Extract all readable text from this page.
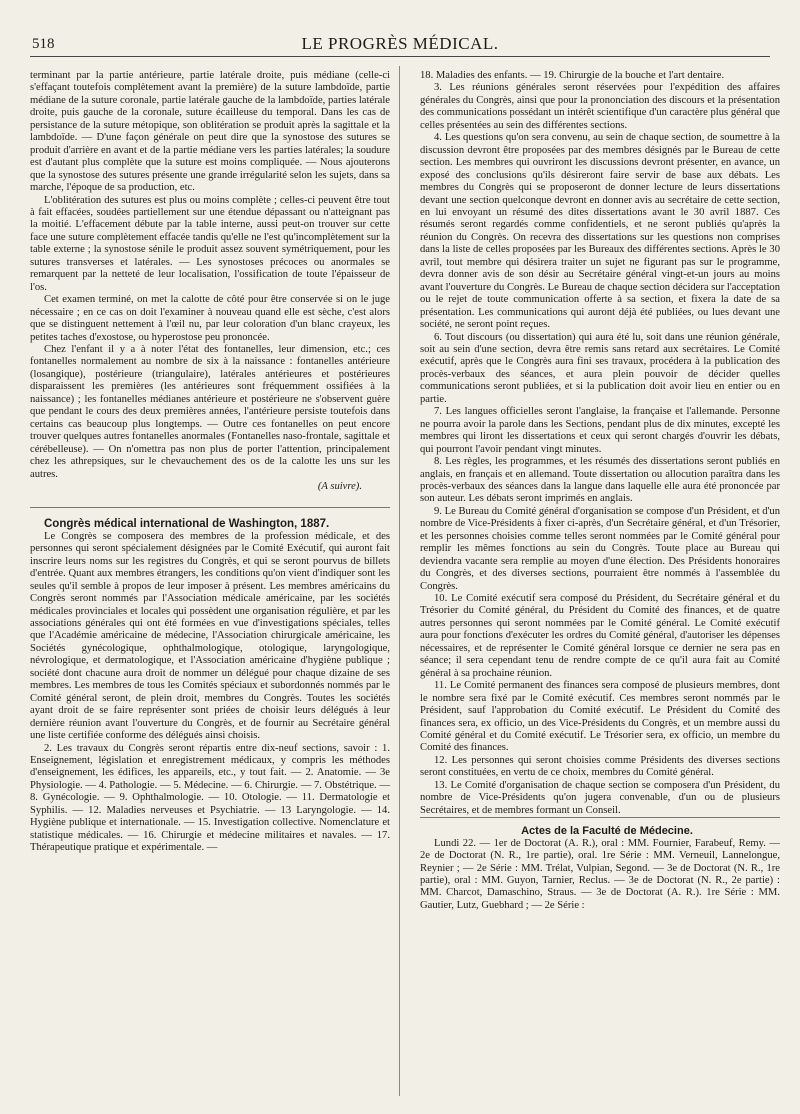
518	LE PROGRÈS MÉDICAL.

terminant par la partie antérieure, partie latérale droite, puis médiane (celle-ci s'effaçant toutefois complètement avant la première) de la suture lambdoïde, partie médiane de la suture coronale, partie latérale gauche de la lambdoïde, parties latérale droite, puis gauche de la coronale, suture écailleuse du temporal. Dans les cas de persistance de la suture métopique, son oblitération se produit après la sagittale et la lambdoïde. — D'une façon générale on peut dire que la synostose des sutures se produit d'arrière en avant et de la partie médiane vers les parties latérales; la soudure est d'autant plus complète que la suture est moins compliquée. — Nous ajouterons que la synostose des sutures présente une grande irrégularité selon les sujets, dans sa marche, l'époque de sa production, etc.

L'oblitération des sutures est plus ou moins complète ; celles-ci peuvent être tout à fait effacées, soudées partiellement sur une étendue dépassant ou n'atteignant pas la moitié. L'effacement débute par la table interne, aussi peut-on trouver sur cette face une suture complètement effacée tandis qu'elle ne l'est qu'incomplètement sur la table externe ; la synostose sénile le produit assez souvent symétriquement, pour les sutures transverses et latérales. — Les synostoses précoces ou anormales se remarquent par la netteté de leur localisation, l'ossification de toute l'épaisseur de l'os.

Cet examen terminé, on met la calotte de côté pour être conservée si on le juge nécessaire ; en ce cas on doit l'examiner à nouveau quand elle est sèche, c'est alors que se distinguent nettement à l'œil nu, par leur coloration d'un blanc crayeux, les petites taches d'exostose, ou hyperostose peu prononcée.

Chez l'enfant il y a à noter l'état des fontanelles, leur dimension, etc.; ces fontanelles normalement au nombre de six à la naissance : fontanelles antérieure (losangique), postérieure (triangulaire), latérales antérieures et postérieures disparaissent les premières (les antérieures sont fréquemment ossifiées à la naissance) ; les fontanelles médianes antérieure et postérieure ne s'observent guère que pendant le cours des deux premières années, l'antérieure persiste toutefois dans certains cas beaucoup plus longtemps. — Outre ces fontanelles on peut encore trouver quelques autres fontanelles anormales (Fontanelles naso-frontale, sagittale et cérébelleuse). — On n'omettra pas non plus de porter l'attention, principalement chez les athrepsiques, sur le chevauchement des os de la calotte les uns sur les autres.

(A suivre).

Congrès médical international de Washington, 1887.

Le Congrès se composera des membres de la profession médicale, et des personnes qui seront spécialement désignées par le Comité Exécutif, qui auront fait inscrire leurs noms sur les registres du Congrès, et qui se seront pourvus de billets d'entrée. Quant aux membres étrangers, les conditions qu'on vient d'indiquer sont les seules qu'il semble à propos de leur imposer à présent. Les membres américains du Congrès seront nommés par l'Association médicale américaine, par les sociétés médicales provinciales et locales qui possèdent une organisation régulière, et par les associations générales qui ont été formées en vue d'investigations spéciales, telles que l'Académie américaine de médecine, l'Association chirurgicale américaine, les Sociétés gynécologique, ophthalmologique, otologique, laryngologique, névrologique, et dermatologique, et l'Association américaine d'hygiène publique ; société dont chacune aura droit de nommer un délégué pour chaque dizaine de ses membres. Les membres de tous les Comités spéciaux et subordonnés nommés par le Comité général seront, de plein droit, membres du Congrès. Toutes les sociétés ayant droit de se faire représenter sont priées de choisir leurs délégués à leur dernière réunion avant l'ouverture du Congrès, et de fournir au Secrétaire général une liste certifiée conforme des délégués ainsi choisis.

2. Les travaux du Congrès seront répartis entre dix-neuf sections, savoir : 1. Enseignement, législation et enregistrement médicaux, y compris les méthodes d'enseignement, les édifices, les appareils, etc., y tout fait. — 2. Anatomie. — 3e Physiologie. — 4. Pathologie. — 5. Médecine. — 6. Chirurgie. — 7. Obstétrique. — 8. Gynécologie. — 9. Ophthalmologie. — 10. Otologie. — 11. Dermatologie et Syphilis. — 12. Maladies nerveuses et Psychiatrie. — 13 Laryngologie. — 14. Hygiène publique et internationale. — 15. Investigation collective. Nomenclature et statistique médicales. — 16. Chirurgie et médecine militaires et navales. — 17. Thérapeutique pratique et expérimentale. —

18. Maladies des enfants. — 19. Chirurgie de la bouche et l'art dentaire.

3. Les réunions générales seront réservées pour l'expédition des affaires générales du Congrès, ainsi que pour la prononciation des discours et la présentation des communications possédant un intérêt scientifique d'un caractère plus général que celles présentées au sein des différentes sections.

4. Les questions qu'on sera convenu, au sein de chaque section, de soumettre à la discussion devront être proposées par des membres désignés par le Bureau de cette section. Les membres qui ouvriront les discussions devront présenter, en avance, un exposé des conclusions qu'ils désireront faire servir de base aux débats. Les membres du Congrès qui se proposeront de donner lecture de leurs dissertations devant une section quelconque devront en donner avis au secrétaire de cette section, en lui envoyant un résumé des dites dissertations avant le 30 avril 1887. Ces résumés seront regardés comme confidentiels, et ne seront publiés qu'après la réunion du Congrès. On recevra des dissertations sur les questions non comprises dans la liste de celles proposées par les Bureaux des différentes sections. Après le 30 avril, tout membre qui désirera traiter un sujet ne figurant pas sur le programme, devra donner avis de son désir au Secrétaire général vingt-et-un jours au moins avant l'ouverture du Congrès. Le Bureau de chaque section décidera sur l'acceptation ou le rejet de toute communication offerte à sa section, et fixera la date de sa présentation. Les communications qui auront déjà été publiées, ou lues devant une société, ne seront point reçues.

6. Tout discours (ou dissertation) qui aura été lu, soit dans une réunion générale, soit au sein d'une section, devra être remis sans retard aux secrétaires. Le Comité exécutif, après que le Congrès aura fini ses travaux, procédera à la publication des procès-verbaux des séances, et aura plein pouvoir de décider quelles communications seront publiées, et si la publication doit avoir lieu en entier ou en partie.

7. Les langues officielles seront l'anglaise, la française et l'allemande. Personne ne pourra avoir la parole dans les Sections, pendant plus de dix minutes, excepté les membres qui liront les dissertations et ceux qui seront chargés d'ouvrir les débats, qui pourront l'avoir pendant vingt minutes.

8. Les règles, les programmes, et les résumés des dissertations seront publiés en anglais, en français et en allemand. Toute dissertation ou allocution paraîtra dans les procès-verbaux des séances dans la langue dans laquelle elle aura été prononcée par son auteur. Les débats seront imprimés en anglais.

9. Le Bureau du Comité général d'organisation se compose d'un Président, et d'un nombre de Vice-Présidents à fixer ci-après, d'un Secrétaire général, et d'un Trésorier, et les personnes choisies comme telles seront nommées par le Comité général pour remplir les mêmes fonctions au sein du Congrès. Toute place au Bureau qui deviendra vacante sera remplie au moyen d'une élection. Des Présidents honoraires du Congrès, et des diverses sections, pourraient être nommés à l'assemblée du Congrès.

10. Le Comité exécutif sera composé du Président, du Secrétaire général et du Trésorier du Comité général, du Président du Comité des finances, et de quatre autres personnes qui seront nommées par le Comité général. Le Comité exécutif aura pour fonctions d'exécuter les ordres du Comité général, d'autoriser les dépenses nécessaires, et de représenter le Comité général lorsque ce dernier ne sera pas en séance; il sera cependant tenu de rendre compte de ce qu'il aura fait au Comité général à sa prochaine réunion.

11. Le Comité permanent des finances sera composé de plusieurs membres, dont le nombre sera fixé par le Comité exécutif. Ces membres seront nommés par le Président, sauf l'approbation du Comité exécutif. Le Président du Comité des finances sera, ex officio, un des Vice-Présidents du Congrès, et un membre aussi du Comité général et du Comité exécutif. Le Trésorier sera, ex officio, un membre du Comité des finances.

12. Les personnes qui seront choisies comme Présidents des diverses sections seront constituées, en vertu de ce choix, membres du Comité général.

13. Le Comité d'organisation de chaque section se composera d'un Président, du nombre de Vice-Présidents qu'on jugera convenable, d'un ou de plusieurs Secrétaires, et de membres formant un Conseil.

Actes de la Faculté de Médecine.

Lundi 22. — 1er de Doctorat (A. R.), oral : MM. Fournier, Farabeuf, Remy. — 2e de Doctorat (N. R., 1re partie), oral. 1re Série : MM. Verneuil, Lannelongue, Reynier ; — 2e Série : MM. Trélat, Vulpian, Segond. — 3e de Doctorat (N. R., 1re partie), oral : MM. Guyon, Tarnier, Reclus. — 3e de Doctorat (N. R., 2e partie) : MM. Charcot, Damaschino, Straus. — 3e de Doctorat (A. R.). 1re Série : MM. Gautier, Lutz, Guebhard ; — 2e Série :
